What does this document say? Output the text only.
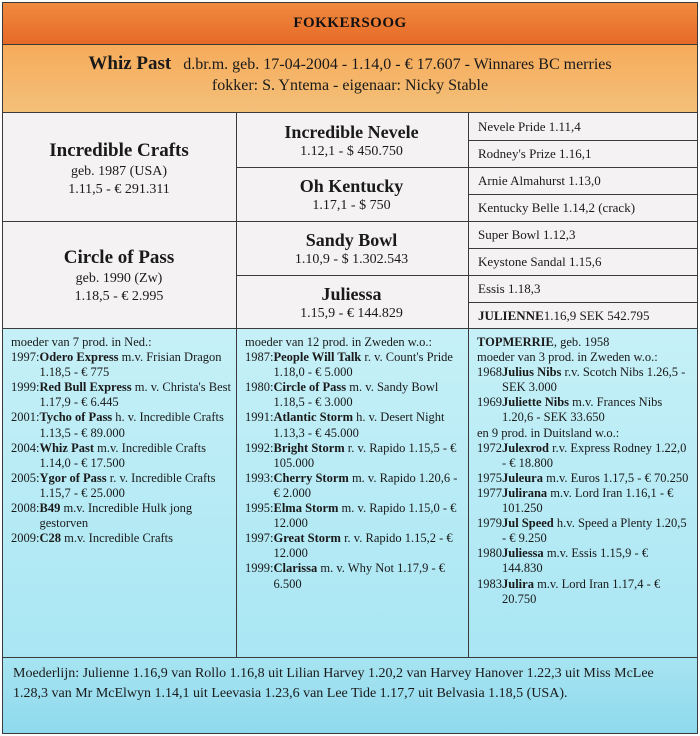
FOKKERSOOG
Whiz Past d.br.m. geb. 17-04-2004 - 1.14,0 - € 17.607 - Winnares BC merries
fokker: S. Yntema - eigenaar: Nicky Stable
Incredible Crafts
geb. 1987 (USA)
1.11,5 - € 291.311
Circle of Pass
geb. 1990 (Zw)
1.18,5 - € 2.995
Incredible Nevele
1.12,1 - $ 450.750
Oh Kentucky
1.17,1 - $ 750
Sandy Bowl
1.10,9 - $ 1.302.543
Juliessa
1.15,9 - € 144.829
Nevele Pride 1.11,4
Rodney's Prize 1.16,1
Arnie Almahurst 1.13,0
Kentucky Belle 1.14,2 (crack)
Super Bowl 1.12,3
Keystone Sandal 1.15,6
Essis 1.18,3
JULIENNE 1.16,9 SEK 542.795
moeder van 7 prod. in Ned.:
1997: Odero Express m.v. Frisian Dragon 1.18,5 - € 775
1999: Red Bull Express m. v. Christa's Best 1.17,9 - € 6.445
2001: Tycho of Pass h. v. Incredible Crafts 1.13,5 - € 89.000
2004: Whiz Past m.v. Incredible Crafts 1.14,0 - € 17.500
2005: Ygor of Pass r. v. Incredible Crafts 1.15,7 - € 25.000
2008: B49 m.v. Incredible Hulk jong gestorven
2009: C28 m.v. Incredible Crafts
moeder van 12 prod. in Zweden w.o.:
1987: People Will Talk r. v. Count's Pride 1.18,0 - € 5.000
1980: Circle of Pass m. v. Sandy Bowl 1.18,5 - € 3.000
1991: Atlantic Storm h. v. Desert Night 1.13,3 - € 45.000
1992: Bright Storm r. v. Rapido 1.15,5 - € 105.000
1993: Cherry Storm m. v. Rapido 1.20,6 - € 2.000
1995: Elma Storm m. v. Rapido 1.15,0 - € 12.000
1997: Great Storm r. v. Rapido 1.15,2 - € 12.000
1999: Clarissa m. v. Why Not 1.17,9 - € 6.500
TOPMERRIE, geb. 1958
moeder van 3 prod. in Zweden w.o.:
1968 Julius Nibs r.v. Scotch Nibs 1.26,5 - SEK 3.000
1969 Juliette Nibs m.v. Frances Nibs 1.20,6 - SEK 33.650
en 9 prod. in Duitsland w.o.:
1972 Julexrod r.v. Express Rodney 1.22,0 - € 18.800
1975 Juleura m.v. Euros 1.17,5 - € 70.250
1977 Julirana m.v. Lord Iran 1.16,1 - € 101.250
1979 Jul Speed h.v. Speed a Plenty 1.20,5 - € 9.250
1980 Juliessa m.v. Essis 1.15,9 - € 144.830
1983 Julira m.v. Lord Iran 1.17,4 - € 20.750
Moederlijn: Julienne 1.16,9 van Rollo 1.16,8 uit Lilian Harvey 1.20,2 van Harvey Hanover 1.22,3 uit Miss McLee 1.28,3 van Mr McElwyn 1.14,1 uit Leevasia 1.23,6 van Lee Tide 1.17,7 uit Belvasia 1.18,5 (USA).
